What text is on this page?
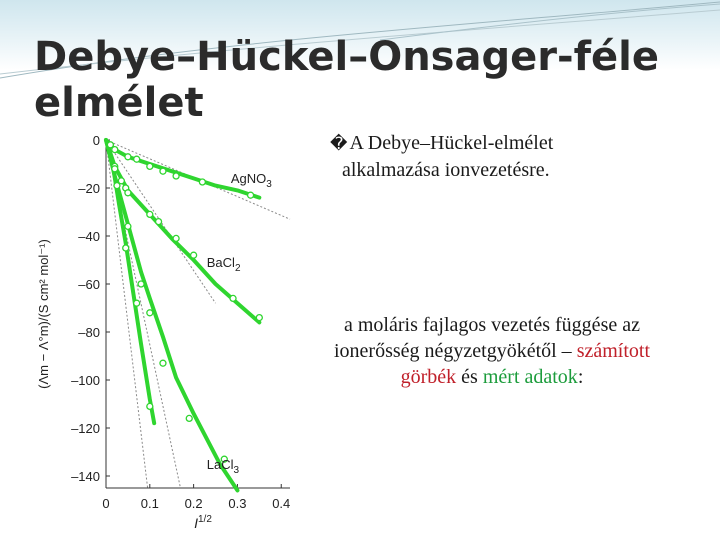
Debye–Hückel–Onsager-féle elmélet
� A Debye–Hückel-elmélet
alkalmazása ionvezetésre.
a moláris fajlagos vezetés függése az ionerősség négyzetgyökétől – számított görbék és mért adatok:
0
–20
–40
–60
–80
–100
–120
–140
0 0.1 0.2 0.3 0.4
$I^{1/2}$
(Λm − Λ°m)/(S cm² mol⁻¹)
AgNO$_3$
BaCl$_2$
LaCl$_3$
